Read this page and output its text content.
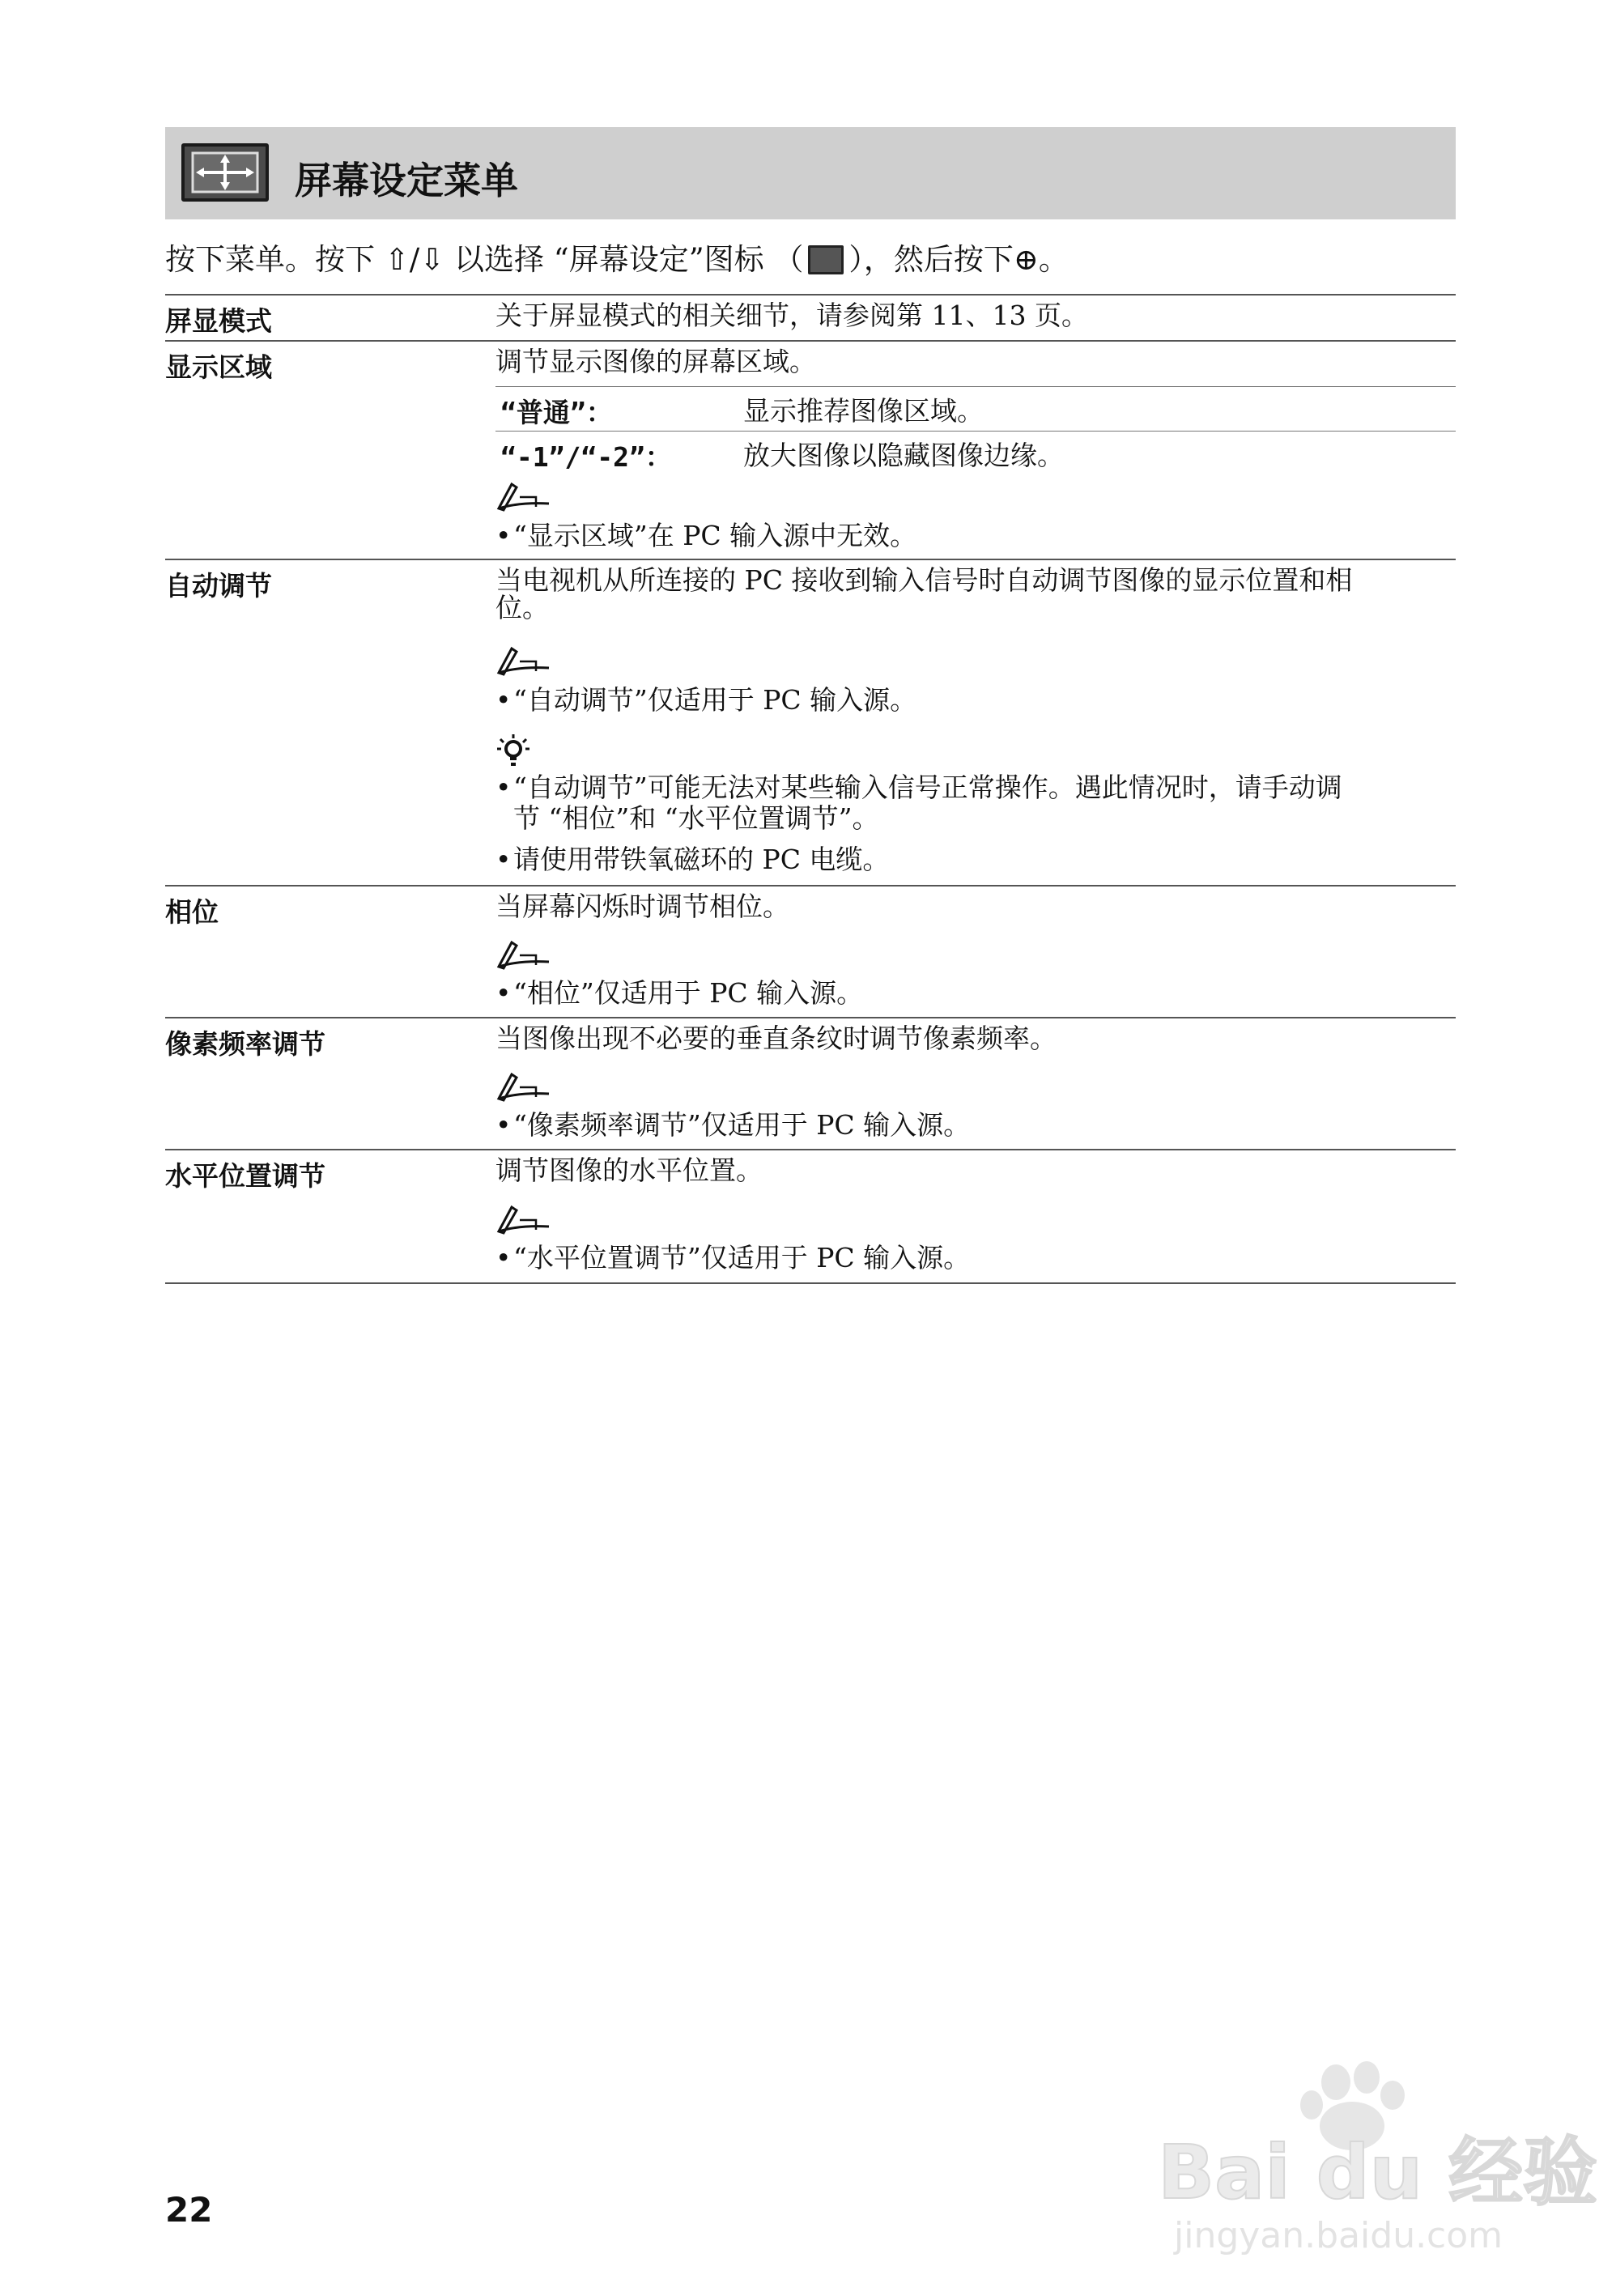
屏幕设定菜单
按下菜单。按下 ⇧/⇩ 以选择 “屏幕设定”图标 （ ），然后按下⊕。
屏显模式	关于屏显模式的相关细节，请参阅第 11、13 页。
显示区域	调节显示图像的屏幕区域。
“普通”：	显示推荐图像区域。
“-1”/“-2”：	放大图像以隐藏图像边缘。
•“显示区域”在 PC 输入源中无效。
自动调节	当电视机从所连接的 PC 接收到输入信号时自动调节图像的显示位置和相
位。
•“自动调节”仅适用于 PC 输入源。
•“自动调节”可能无法对某些输入信号正常操作。遇此情况时，请手动调
节 “相位”和 “水平位置调节”。
•请使用带铁氧磁环的 PC 电缆。
相位	当屏幕闪烁时调节相位。
•“相位”仅适用于 PC 输入源。
像素频率调节	当图像出现不必要的垂直条纹时调节像素频率。
•“像素频率调节”仅适用于 PC 输入源。
水平位置调节	调节图像的水平位置。
•“水平位置调节”仅适用于 PC 输入源。
22	Bai du 经验
jingyan.baidu.com
